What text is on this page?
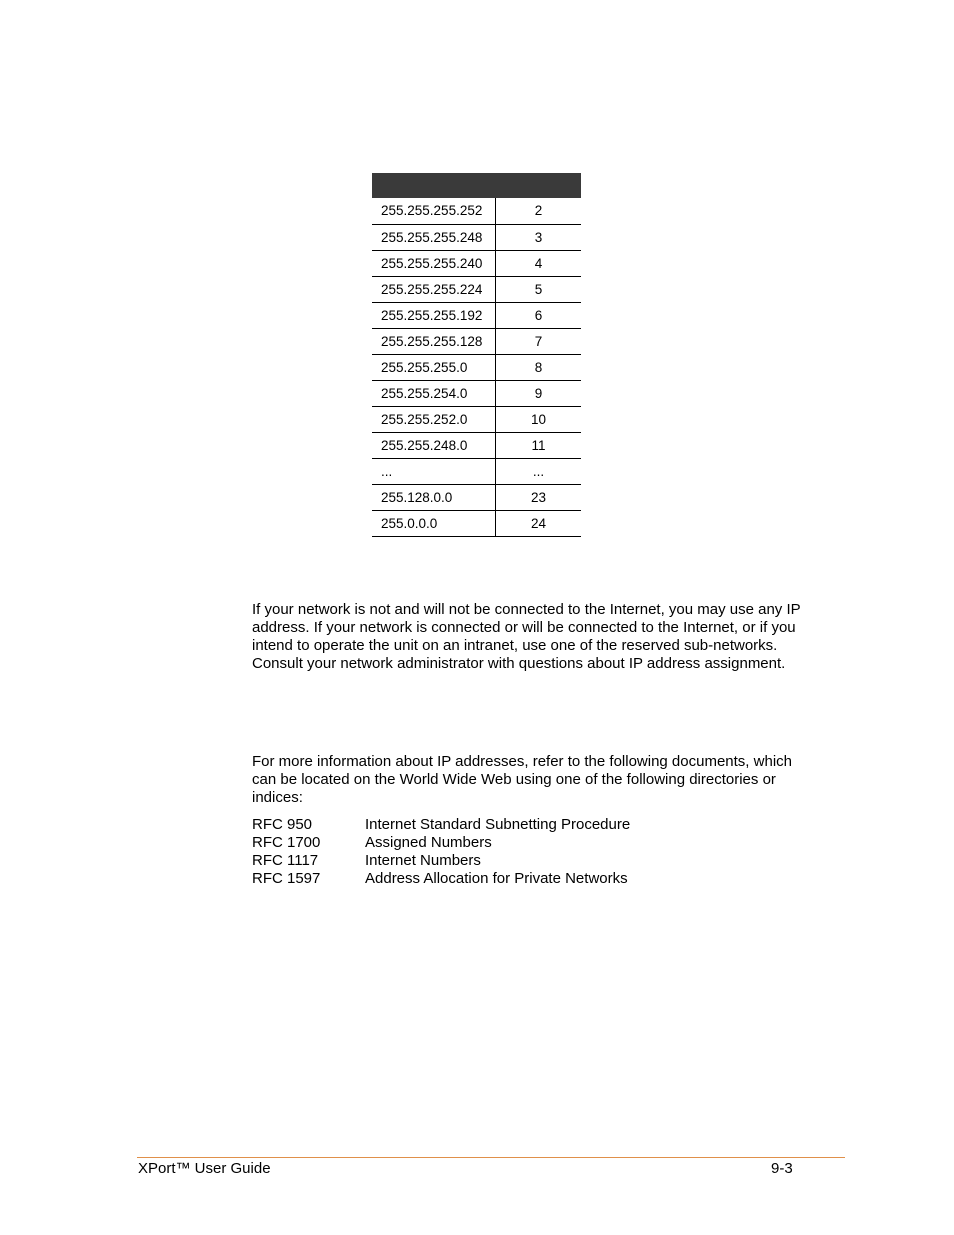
255.255.255.252	2
255.255.255.248	3
255.255.255.240	4
255.255.255.224	5
255.255.255.192	6
255.255.255.128	7
255.255.255.0	8
255.255.254.0	9
255.255.252.0	10
255.255.248.0	11
...	...
255.128.0.0	23
255.0.0.0	24

If your network is not and will not be connected to the Internet, you may use any IP address. If your network is connected or will be connected to the Internet, or if you intend to operate the unit on an intranet, use one of the reserved sub-networks. Consult your network administrator with questions about IP address assignment.

For more information about IP addresses, refer to the following documents, which can be located on the World Wide Web using one of the following directories or indices:

RFC 950	Internet Standard Subnetting Procedure
RFC 1700	Assigned Numbers
RFC 1117	Internet Numbers
RFC 1597	Address Allocation for Private Networks
XPort™ User Guide	9-3
